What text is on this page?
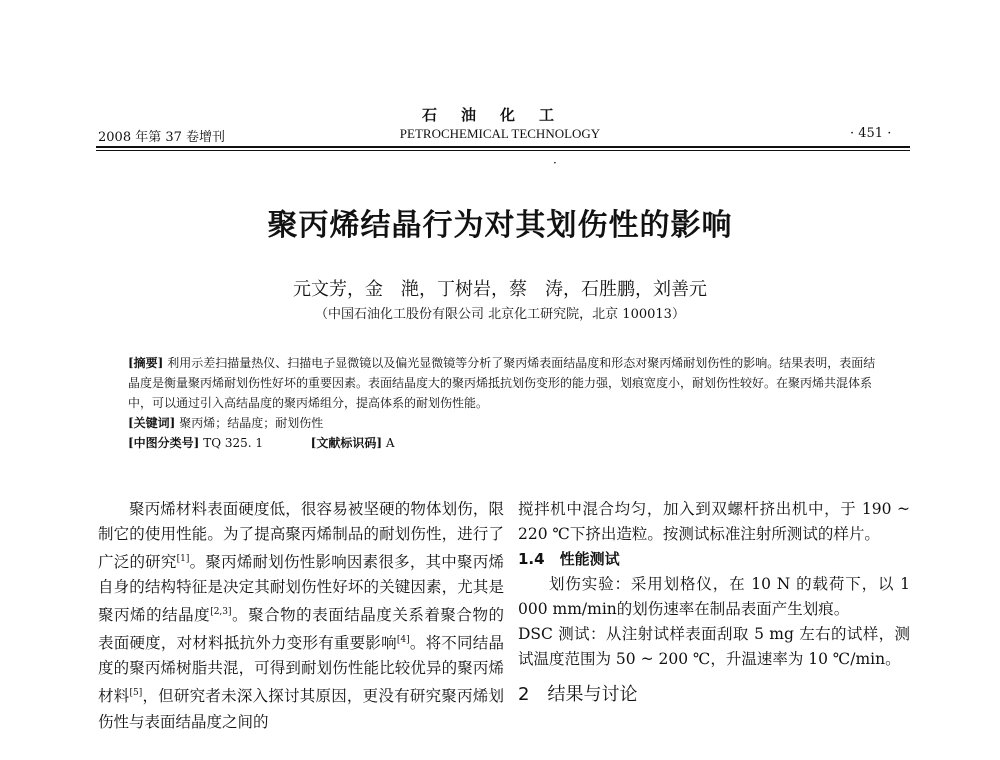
石油化工
2008 年第 37 卷增刊	PETROCHEMICAL TECHNOLOGY	· 451 ·
·
聚丙烯结晶行为对其划伤性的影响
元文芳，金　滟，丁树岩，蔡　涛，石胜鹏，刘善元
（中国石油化工股份有限公司 北京化工研究院，北京 100013）

[摘要] 利用示差扫描量热仪、扫描电子显微镜以及偏光显微镜等分析了聚丙烯表面结晶度和形态对聚丙烯耐划伤性的影响。结果表明，表面结晶度是衡量聚丙烯耐划伤性好坏的重要因素。表面结晶度大的聚丙烯抵抗划伤变形的能力强，划痕宽度小，耐划伤性较好。在聚丙烯共混体系中，可以通过引入高结晶度的聚丙烯组分，提高体系的耐划伤性能。

[关键词] 聚丙烯；结晶度；耐划伤性

[中图分类号] TQ 325. 1	[文献标识码] A

聚丙烯材料表面硬度低，很容易被坚硬的物体划伤，限制它的使用性能。为了提高聚丙烯制品的耐划伤性，进行了广泛的研究[1]。聚丙烯耐划伤性影响因素很多，其中聚丙烯自身的结构特征是决定其耐划伤性好坏的关键因素，尤其是聚丙烯的结晶度[2,3]。聚合物的表面结晶度关系着聚合物的表面硬度，对材料抵抗外力变形有重要影响[4]。将不同结晶度的聚丙烯树脂共混，可得到耐划伤性能比较优异的聚丙烯材料[5]，但研究者未深入探讨其原因，更没有研究聚丙烯划伤性与表面结晶度之间的

搅拌机中混合均匀，加入到双螺杆挤出机中，于 190 ~ 220 ℃下挤出造粒。按测试标准注射所测试的样片。

1.4　性能测试

划伤实验：采用划格仪，在 10 N 的载荷下，以 1 000 mm/min的划伤速率在制品表面产生划痕。

DSC 测试：从注射试样表面刮取 5 mg 左右的试样，测试温度范围为 50 ~ 200 ℃，升温速率为 10 ℃/min。

2　结果与讨论
